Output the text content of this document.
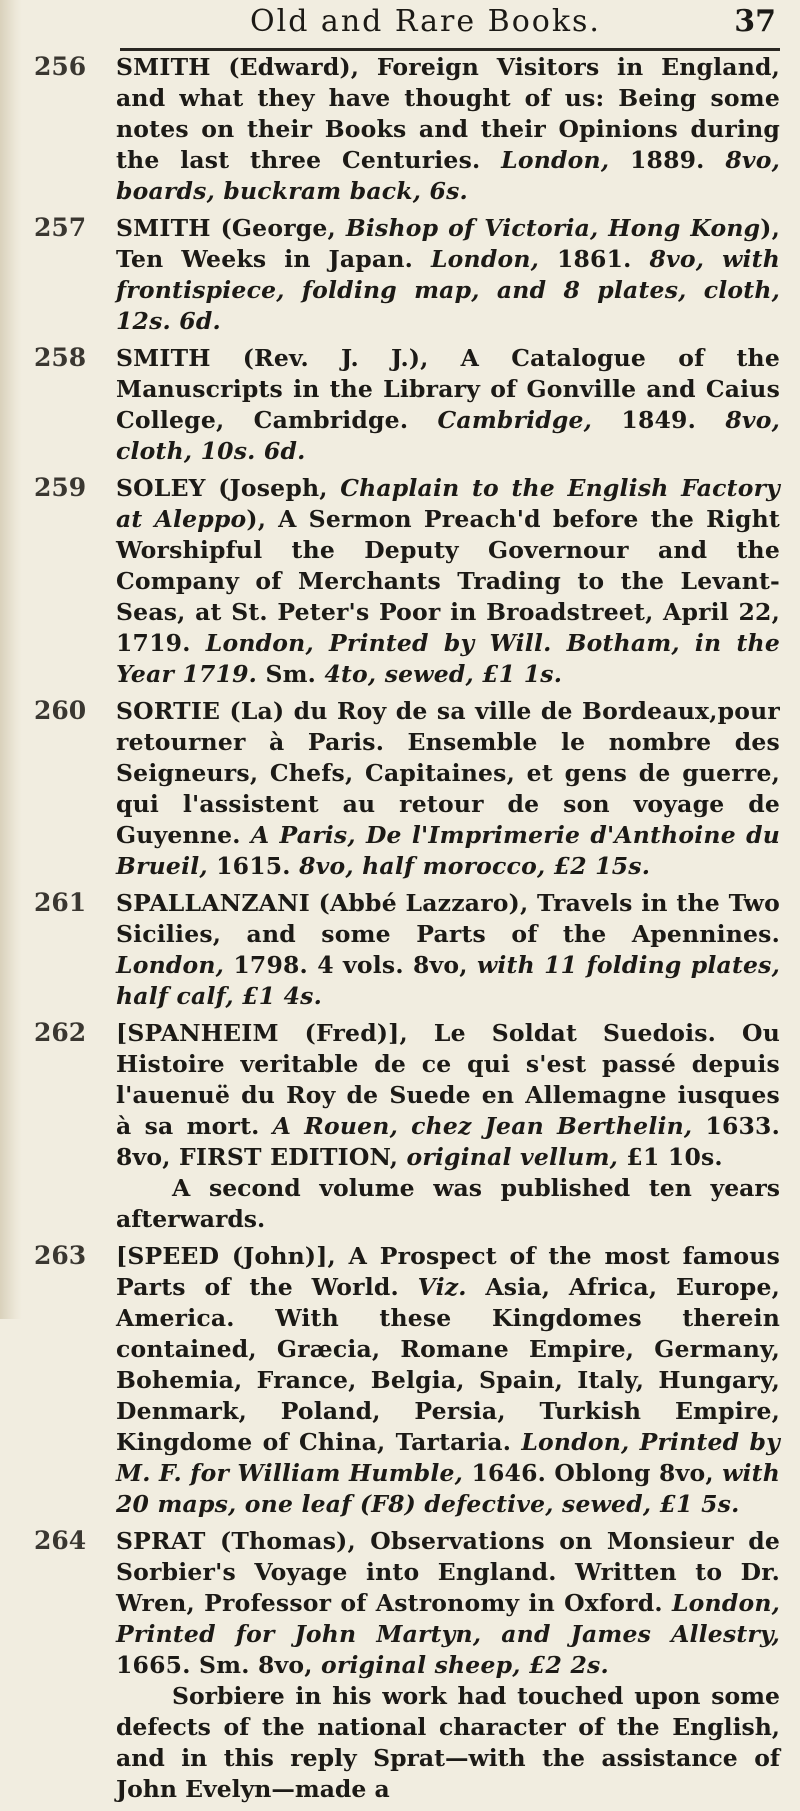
Old and Rare Books.	37
256	SMITH (Edward), Foreign Visitors in England, and what they have thought of us: Being some notes on their Books and their Opinions during the last three Centuries. London, 1889. 8vo, boards, buckram back, 6s.
257	SMITH (George, Bishop of Victoria, Hong Kong), Ten Weeks in Japan. London, 1861. 8vo, with frontispiece, folding map, and 8 plates, cloth, 12s. 6d.
258	SMITH (Rev. J. J.), A Catalogue of the Manuscripts in the Library of Gonville and Caius College, Cambridge. Cambridge, 1849. 8vo, cloth, 10s. 6d.
259	SOLEY (Joseph, Chaplain to the English Factory at Aleppo), A Sermon Preach'd before the Right Worshipful the Deputy Governour and the Company of Merchants Trading to the Levant-Seas, at St. Peter's Poor in Broadstreet, April 22, 1719. London, Printed by Will. Botham, in the Year 1719. Sm. 4to, sewed, £1 1s.
260	SORTIE (La) du Roy de sa ville de Bordeaux,pour retourner à Paris. Ensemble le nombre des Seigneurs, Chefs, Capitaines, et gens de guerre, qui l'assistent au retour de son voyage de Guyenne. A Paris, De l'Imprimerie d'Anthoine du Brueil, 1615. 8vo, half morocco, £2 15s.
261	SPALLANZANI (Abbé Lazzaro), Travels in the Two Sicilies, and some Parts of the Apennines. London, 1798. 4 vols. 8vo, with 11 folding plates, half calf, £1 4s.
262	[SPANHEIM (Fred)], Le Soldat Suedois. Ou Histoire veritable de ce qui s'est passé depuis l'auenuë du Roy de Suede en Allemagne iusques à sa mort. A Rouen, chez Jean Berthelin, 1633. 8vo, FIRST EDITION, original vellum, £1 10s.
A second volume was published ten years afterwards.
263	[SPEED (John)], A Prospect of the most famous Parts of the World. Viz. Asia, Africa, Europe, America. With these Kingdomes therein contained, Græcia, Romane Empire, Germany, Bohemia, France, Belgia, Spain, Italy, Hungary, Denmark, Poland, Persia, Turkish Empire, Kingdome of China, Tartaria. London, Printed by M. F. for William Humble, 1646. Oblong 8vo, with 20 maps, one leaf (F8) defective, sewed, £1 5s.
264	SPRAT (Thomas), Observations on Monsieur de Sorbier's Voyage into England. Written to Dr. Wren, Professor of Astronomy in Oxford. London, Printed for John Martyn, and James Allestry, 1665. Sm. 8vo, original sheep, £2 2s.
Sorbiere in his work had touched upon some defects of the national character of the English, and in this reply Sprat—with the assistance of John Evelyn—made a
